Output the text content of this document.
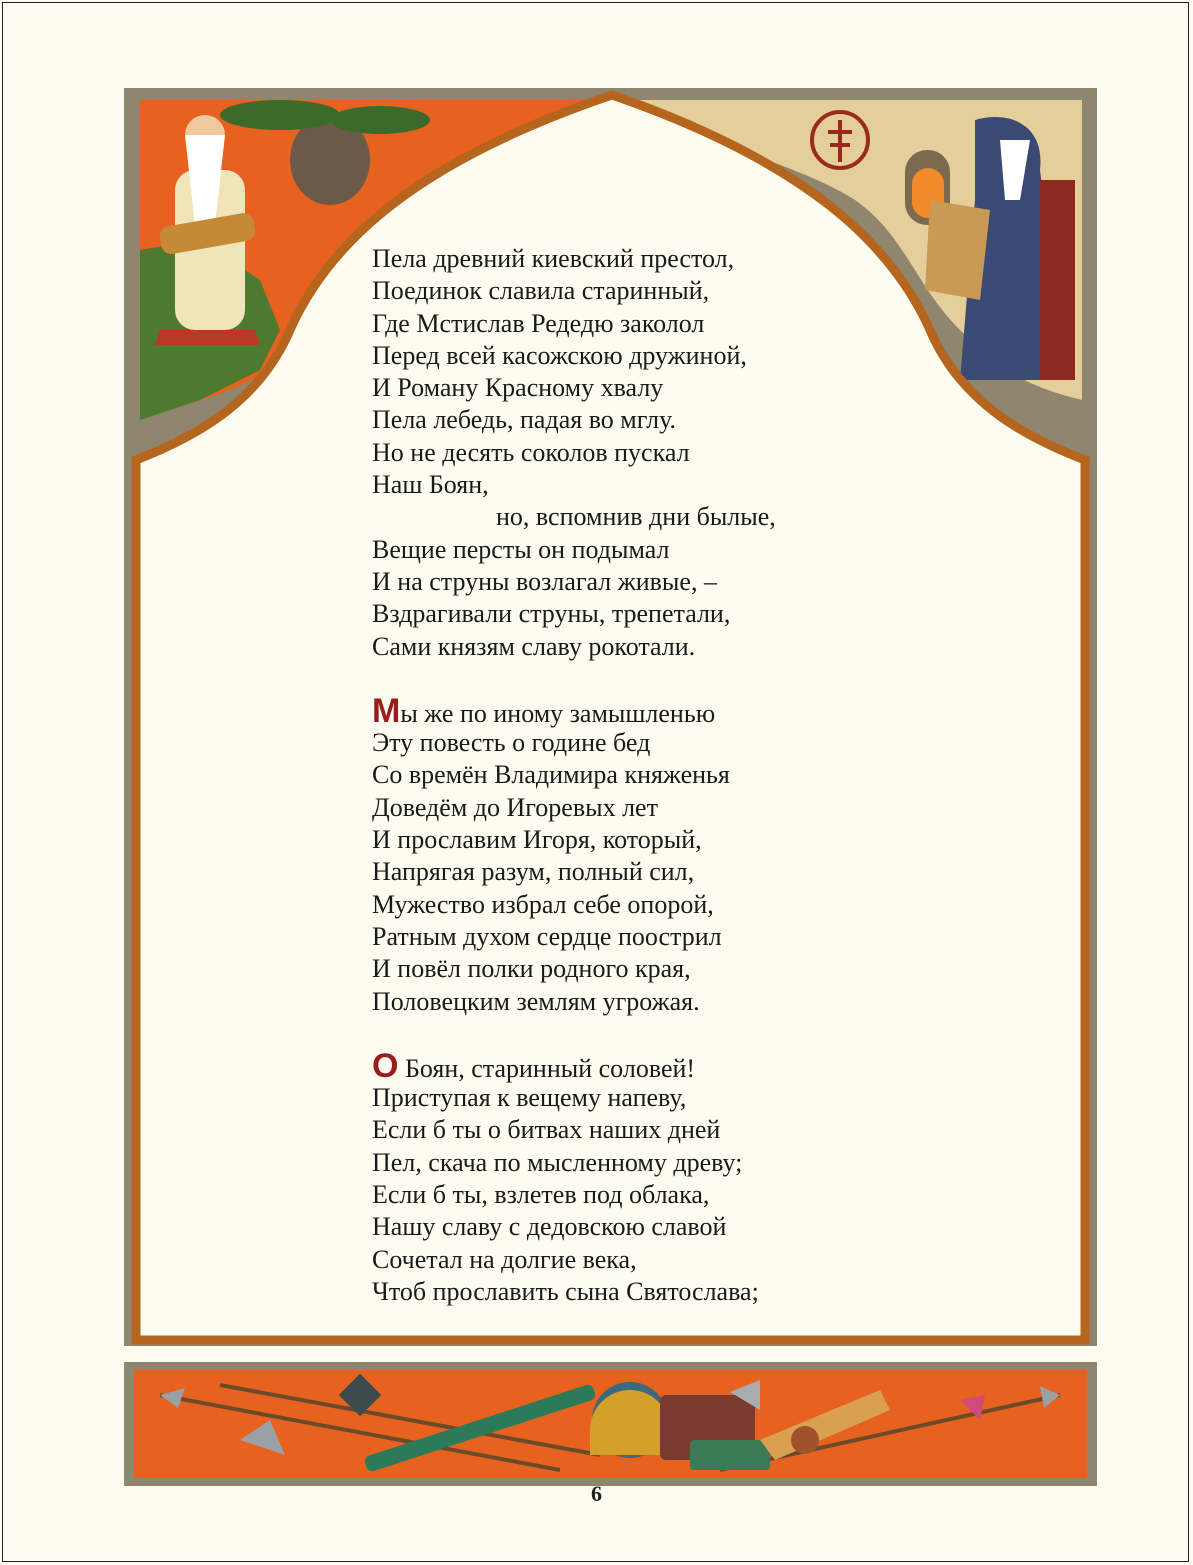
Пела древний киевский престол,
Поединок славила старинный,
Где Мстислав Редедю заколол
Перед всей касожскою дружиной,
И Роману Красному хвалу
Пела лебедь, падая во мглу.
Но не десять соколов пускал
Наш Боян,
но, вспомнив дни былые,
Вещие персты он подымал
И на струны возлагал живые, –
Вздрагивали струны, трепетали,
Сами князям славу рокотали.
Мы же по иному замышленью
Эту повесть о године бед
Со времён Владимира княженья
Доведём до Игоревых лет
И прославим Игоря, который,
Напрягая разум, полный сил,
Мужество избрал себе опорой,
Ратным духом сердце поострил
И повёл полки родного края,
Половецким землям угрожая.
О Боян, старинный соловей!
Приступая к вещему напеву,
Если б ты о битвах наших дней
Пел, скача по мысленному древу;
Если б ты, взлетев под облака,
Нашу славу с дедовскою славой
Сочетал на долгие века,
Чтоб прославить сына Святослава;
6
